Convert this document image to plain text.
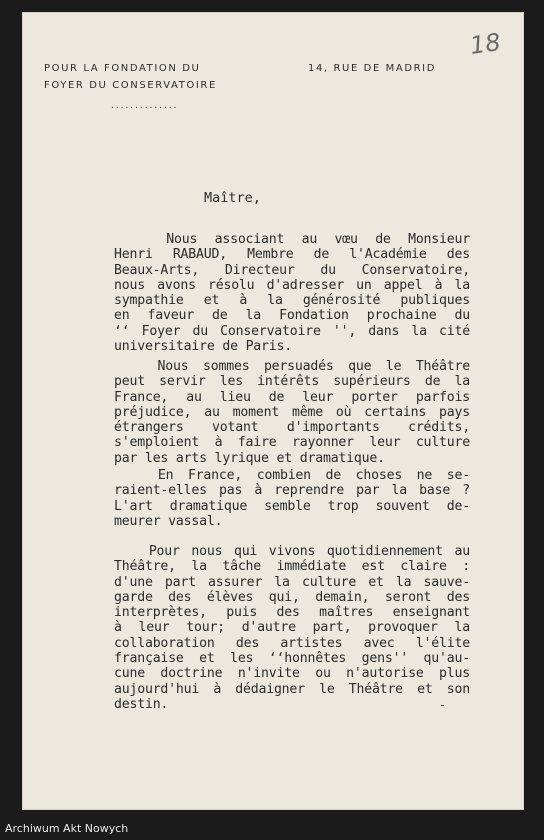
POUR LA FONDATION DU
FOYER DU CONSERVATOIRE
14, RUE DE MADRID
..............
18
Maître,
Nous associant au vœu de Monsieur
Henri RABAUD, Membre de l'Académie des
Beaux-Arts, Directeur du Conservatoire,
nous avons résolu d'adresser un appel à la
sympathie et à la générosité publiques
en faveur de la Fondation prochaine du
‘‘ Foyer du Conservatoire '', dans la cité
universitaire de Paris.
Nous sommes persuadés que le Théâtre
peut servir les intérêts supérieurs de la
France, au lieu de leur porter parfois
préjudice, au moment même où certains pays
étrangers votant d'importants crédits,
s'emploient à faire rayonner leur culture
par les arts lyrique et dramatique.
En France, combien de choses ne se-
raient-elles pas à reprendre par la base ?
L'art dramatique semble trop souvent de-
meurer vassal.
Pour nous qui vivons quotidiennement au
Théâtre, la tâche immédiate est claire :
d'une part assurer la culture et la sauve-
garde des élèves qui, demain, seront des
interprètes, puis des maîtres enseignant
à leur tour; d'autre part, provoquer la
collaboration des artistes avec l'élite
française et les ‘‘honnêtes gens'' qu'au-
cune doctrine n'invite ou n'autorise plus
aujourd'hui à dédaigner le Théâtre et son
destin.
Archiwum Akt Nowych
